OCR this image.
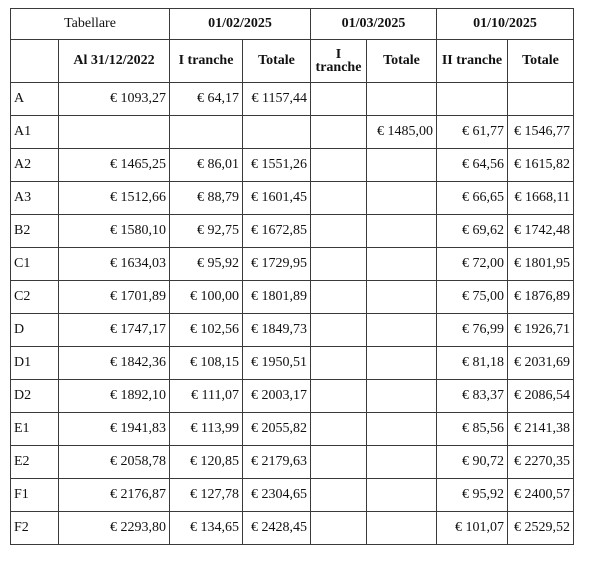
Tabellare		01/02/2025		01/03/2025		01/10/2025	
	Al 31/12/2022	I tranche	Totale	I
tranche	Totale	II tranche	Totale
A	€ 1093,27	€ 64,17	€ 1157,44				
A1					€ 1485,00	€ 61,77	€ 1546,77
A2	€ 1465,25	€ 86,01	€ 1551,26			€ 64,56	€ 1615,82
A3	€ 1512,66	€ 88,79	€ 1601,45			€ 66,65	€ 1668,11
B2	€ 1580,10	€ 92,75	€ 1672,85			€ 69,62	€ 1742,48
C1	€ 1634,03	€ 95,92	€ 1729,95			€ 72,00	€ 1801,95
C2	€ 1701,89	€ 100,00	€ 1801,89			€ 75,00	€ 1876,89
D	€ 1747,17	€ 102,56	€ 1849,73			€ 76,99	€ 1926,71
D1	€ 1842,36	€ 108,15	€ 1950,51			€ 81,18	€ 2031,69
D2	€ 1892,10	€ 111,07	€ 2003,17			€ 83,37	€ 2086,54
E1	€ 1941,83	€ 113,99	€ 2055,82			€ 85,56	€ 2141,38
E2	€ 2058,78	€ 120,85	€ 2179,63			€ 90,72	€ 2270,35
F1	€ 2176,87	€ 127,78	€ 2304,65			€ 95,92	€ 2400,57
F2	€ 2293,80	€ 134,65	€ 2428,45			€ 101,07	€ 2529,52
